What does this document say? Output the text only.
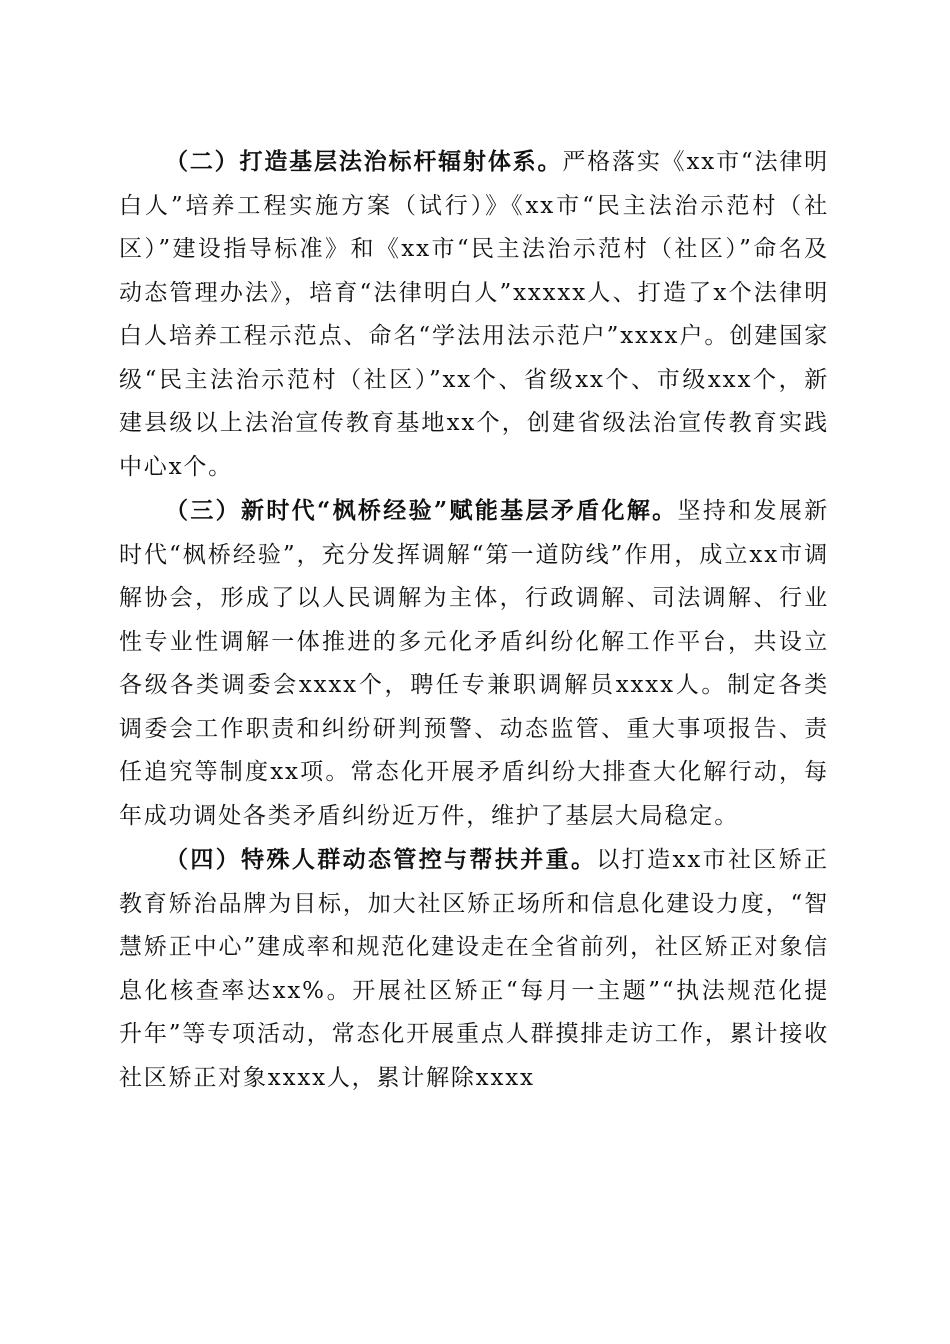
（二）打造基层法治标杆辐射体系。严格落实《xx市“法律明白人”培养工程实施方案（试行）》《xx市“民主法治示范村（社区）”建设指导标准》和《xx市“民主法治示范村（社区）”命名及动态管理办法》，培育“法律明白人”xxxxx人、打造了x个法律明白人培养工程示范点、命名“学法用法示范户”xxxx户。创建国家级“民主法治示范村（社区）”xx个、省级xx个、市级xxx个，新建县级以上法治宣传教育基地xx个，创建省级法治宣传教育实践中心x个。

（三）新时代“枫桥经验”赋能基层矛盾化解。坚持和发展新时代“枫桥经验”，充分发挥调解“第一道防线”作用，成立xx市调解协会，形成了以人民调解为主体，行政调解、司法调解、行业性专业性调解一体推进的多元化矛盾纠纷化解工作平台，共设立各级各类调委会xxxx个，聘任专兼职调解员xxxx人。制定各类调委会工作职责和纠纷研判预警、动态监管、重大事项报告、责任追究等制度xx项。常态化开展矛盾纠纷大排查大化解行动，每年成功调处各类矛盾纠纷近万件，维护了基层大局稳定。

（四）特殊人群动态管控与帮扶并重。以打造xx市社区矫正教育矫治品牌为目标，加大社区矫正场所和信息化建设力度，“智慧矫正中心”建成率和规范化建设走在全省前列，社区矫正对象信息化核查率达xx%。开展社区矫正“每月一主题”“执法规范化提升年”等专项活动，常态化开展重点人群摸排走访工作，累计接收社区矫正对象xxxx人，累计解除xxxx
